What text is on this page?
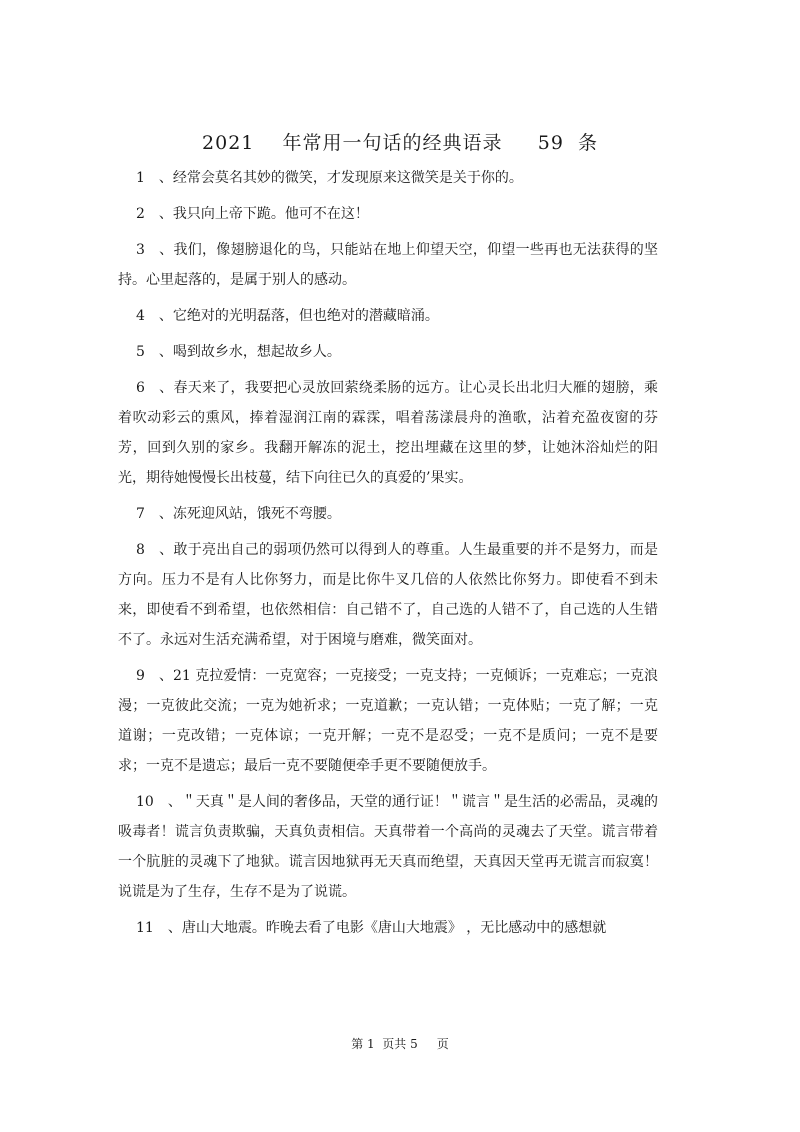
2021    年常用一句话的经典语录     59  条
1 、经常会莫名其妙的微笑，才发现原来这微笑是关于你的。
2 、我只向上帝下跪。他可不在这！
3 、我们，像翅膀退化的鸟，只能站在地上仰望天空，仰望一些再也无法获得的坚持。心里起落的，是属于别人的感动。
4 、它绝对的光明磊落，但也绝对的潜藏暗涌。
5 、喝到故乡水，想起故乡人。
6 、春天来了，我要把心灵放回萦绕柔肠的远方。让心灵长出北归大雁的翅膀，乘着吹动彩云的熏风，捧着湿润江南的霖霂，唱着荡漾晨舟的渔歌，沾着充盈夜窗的芬芳，回到久别的家乡。我翻开解冻的泥土，挖出埋藏在这里的梦，让她沐浴灿烂的阳光，期待她慢慢长出枝蔓，结下向往已久的真爱的’果实。
7 、冻死迎风站，饿死不弯腰。
8 、敢于亮出自己的弱项仍然可以得到人的尊重。人生最重要的并不是努力，而是方向。压力不是有人比你努力，而是比你牛叉几倍的人依然比你努力。即使看不到未来，即使看不到希望，也依然相信：自己错不了，自己选的人错不了，自己选的人生错不了。永远对生活充满希望，对于困境与磨难，微笑面对。
9 、21 克拉爱情：一克宽容；一克接受；一克支持；一克倾诉；一克难忘；一克浪漫；一克彼此交流；一克为她祈求；一克道歉；一克认错；一克体贴；一克了解；一克道谢；一克改错；一克体谅；一克开解；一克不是忍受；一克不是质问；一克不是要求；一克不是遗忘；最后一克不要随便牵手更不要随便放手。
10 、＂天真＂是人间的奢侈品，天堂的通行证！＂谎言＂是生活的必需品，灵魂的吸毒者！谎言负责欺骗，天真负责相信。天真带着一个高尚的灵魂去了天堂。谎言带着一个肮脏的灵魂下了地狱。谎言因地狱再无天真而绝望，天真因天堂再无谎言而寂寞！说谎是为了生存，生存不是为了说谎。
11 、唐山大地震。昨晚去看了电影《唐山大地震》 ，无比感动中的感想就
第 1  页共 5     页
